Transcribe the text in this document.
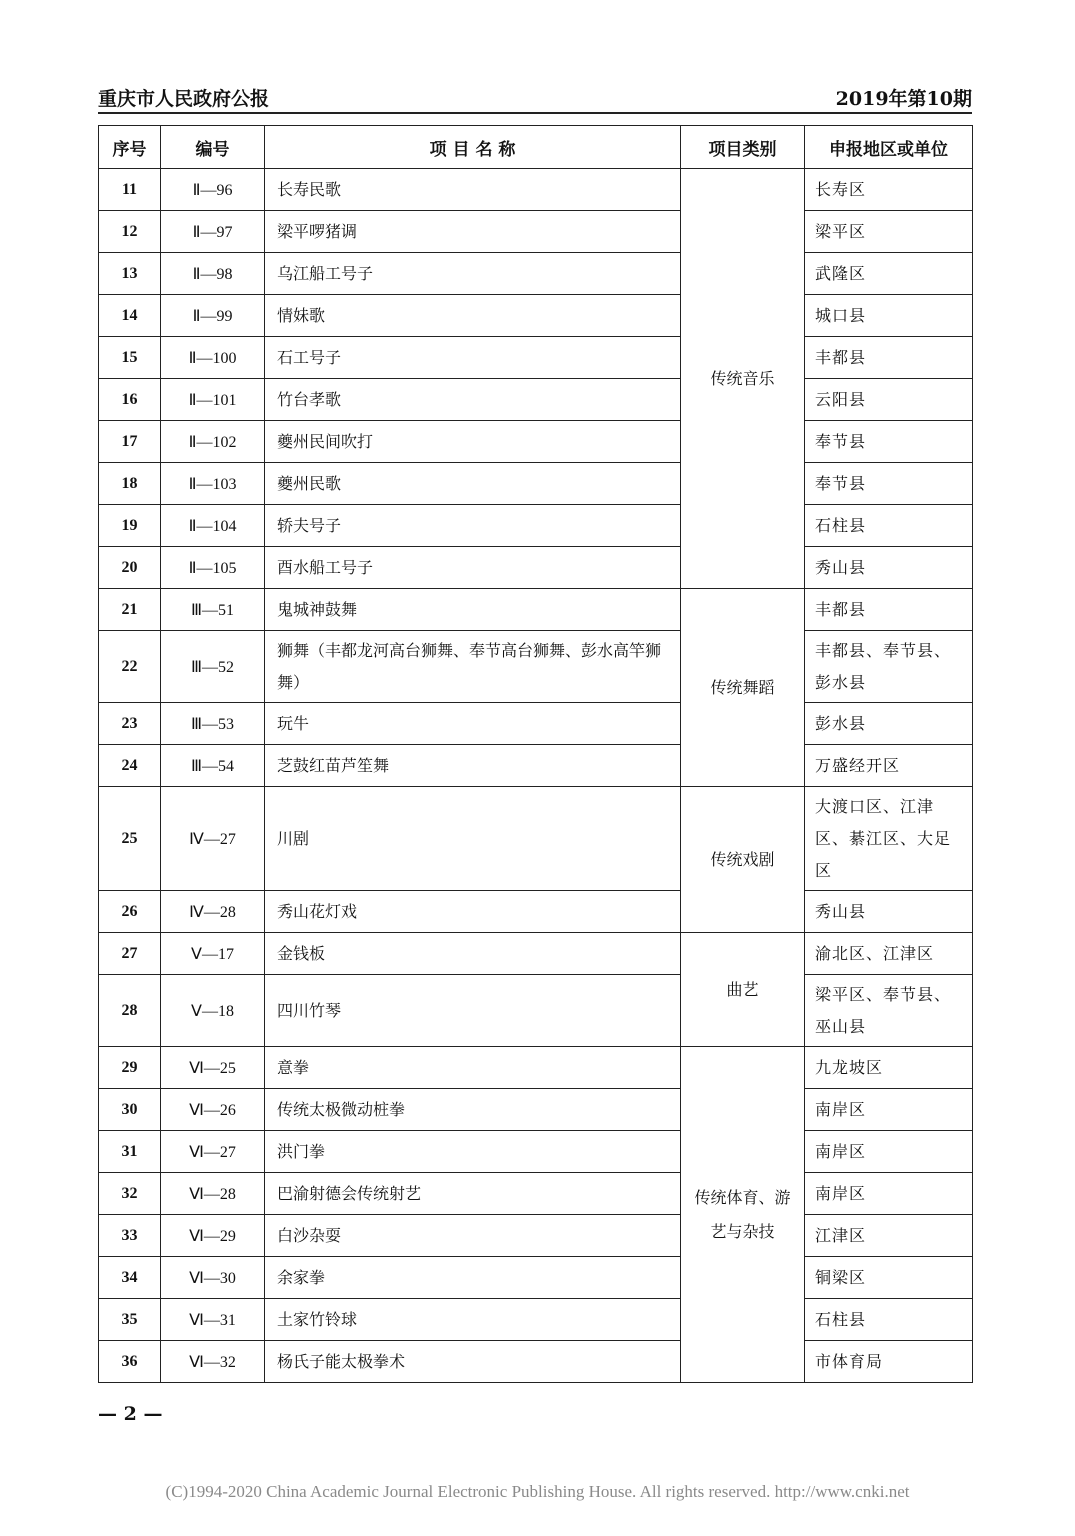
重庆市人民政府公报	2019年第10期
序号	编号	项 目 名 称	项目类别	申报地区或单位
11	Ⅱ—96	长寿民歌	传统音乐	长寿区
12	Ⅱ—97	梁平啰猪调		梁平区
13	Ⅱ—98	乌江船工号子		武隆区
14	Ⅱ—99	情妹歌		城口县
15	Ⅱ—100	石工号子		丰都县
16	Ⅱ—101	竹台孝歌		云阳县
17	Ⅱ—102	夔州民间吹打		奉节县
18	Ⅱ—103	夔州民歌		奉节县
19	Ⅱ—104	轿夫号子		石柱县
20	Ⅱ—105	酉水船工号子		秀山县
21	Ⅲ—51	鬼城神鼓舞	传统舞蹈	丰都县
22	Ⅲ—52	狮舞（丰都龙河高台狮舞、奉节高台狮舞、彭水高竿狮舞）		丰都县、奉节县、彭水县
23	Ⅲ—53	玩牛		彭水县
24	Ⅲ—54	芝鼓红苗芦笙舞		万盛经开区
25	Ⅳ—27	川剧	传统戏剧	大渡口区、江津区、綦江区、大足区
26	Ⅳ—28	秀山花灯戏		秀山县
27	Ⅴ—17	金钱板	曲艺	渝北区、江津区
28	Ⅴ—18	四川竹琴		梁平区、奉节县、巫山县
29	Ⅵ—25	意拳	传统体育、游艺与杂技	九龙坡区
30	Ⅵ—26	传统太极微动桩拳		南岸区
31	Ⅵ—27	洪门拳		南岸区
32	Ⅵ—28	巴渝射德会传统射艺		南岸区
33	Ⅵ—29	白沙杂耍		江津区
34	Ⅵ—30	余家拳		铜梁区
35	Ⅵ—31	土家竹铃球		石柱县
36	Ⅵ—32	杨氏子能太极拳术		市体育局
— 2 —
(C)1994-2020 China Academic Journal Electronic Publishing House. All rights reserved. http://www.cnki.net
